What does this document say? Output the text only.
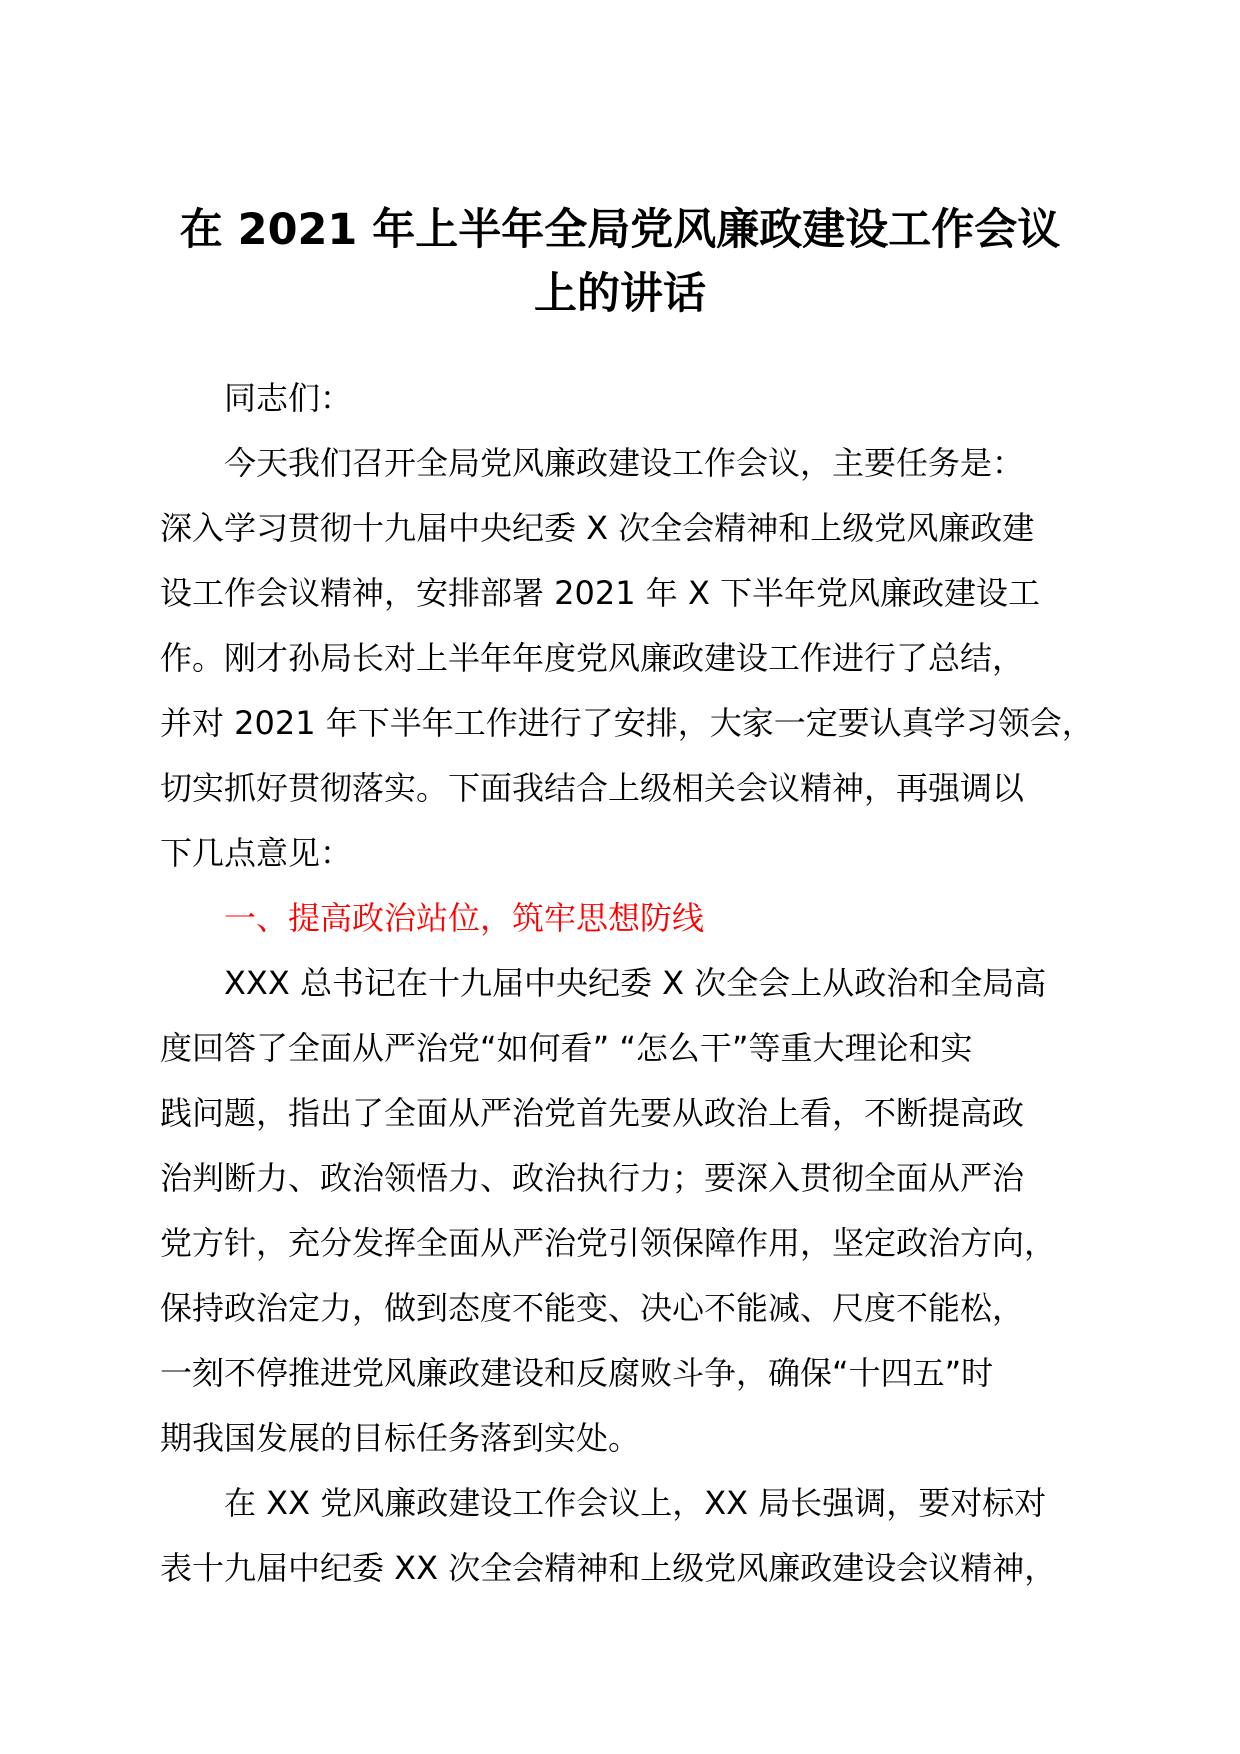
在 2021 年上半年全局党风廉政建设工作会议
上的讲话
同志们：
今天我们召开全局党风廉政建设工作会议，主要任务是：
深入学习贯彻十九届中央纪委 X 次全会精神和上级党风廉政建
设工作会议精神，安排部署 2021 年 X 下半年党风廉政建设工
作。刚才孙局长对上半年年度党风廉政建设工作进行了总结，
并对 2021 年下半年工作进行了安排，大家一定要认真学习领会，
切实抓好贯彻落实。下面我结合上级相关会议精神，再强调以
下几点意见：
一、提高政治站位，筑牢思想防线
XXX 总书记在十九届中央纪委 X 次全会上从政治和全局高
度回答了全面从严治党“如何看” “怎么干”等重大理论和实
践问题，指出了全面从严治党首先要从政治上看，不断提高政
治判断力、政治领悟力、政治执行力；要深入贯彻全面从严治
党方针，充分发挥全面从严治党引领保障作用，坚定政治方向，
保持政治定力，做到态度不能变、决心不能减、尺度不能松，
一刻不停推进党风廉政建设和反腐败斗争，确保“十四五”时
期我国发展的目标任务落到实处。
在 XX 党风廉政建设工作会议上，XX 局长强调，要对标对
表十九届中纪委 XX 次全会精神和上级党风廉政建设会议精神，
